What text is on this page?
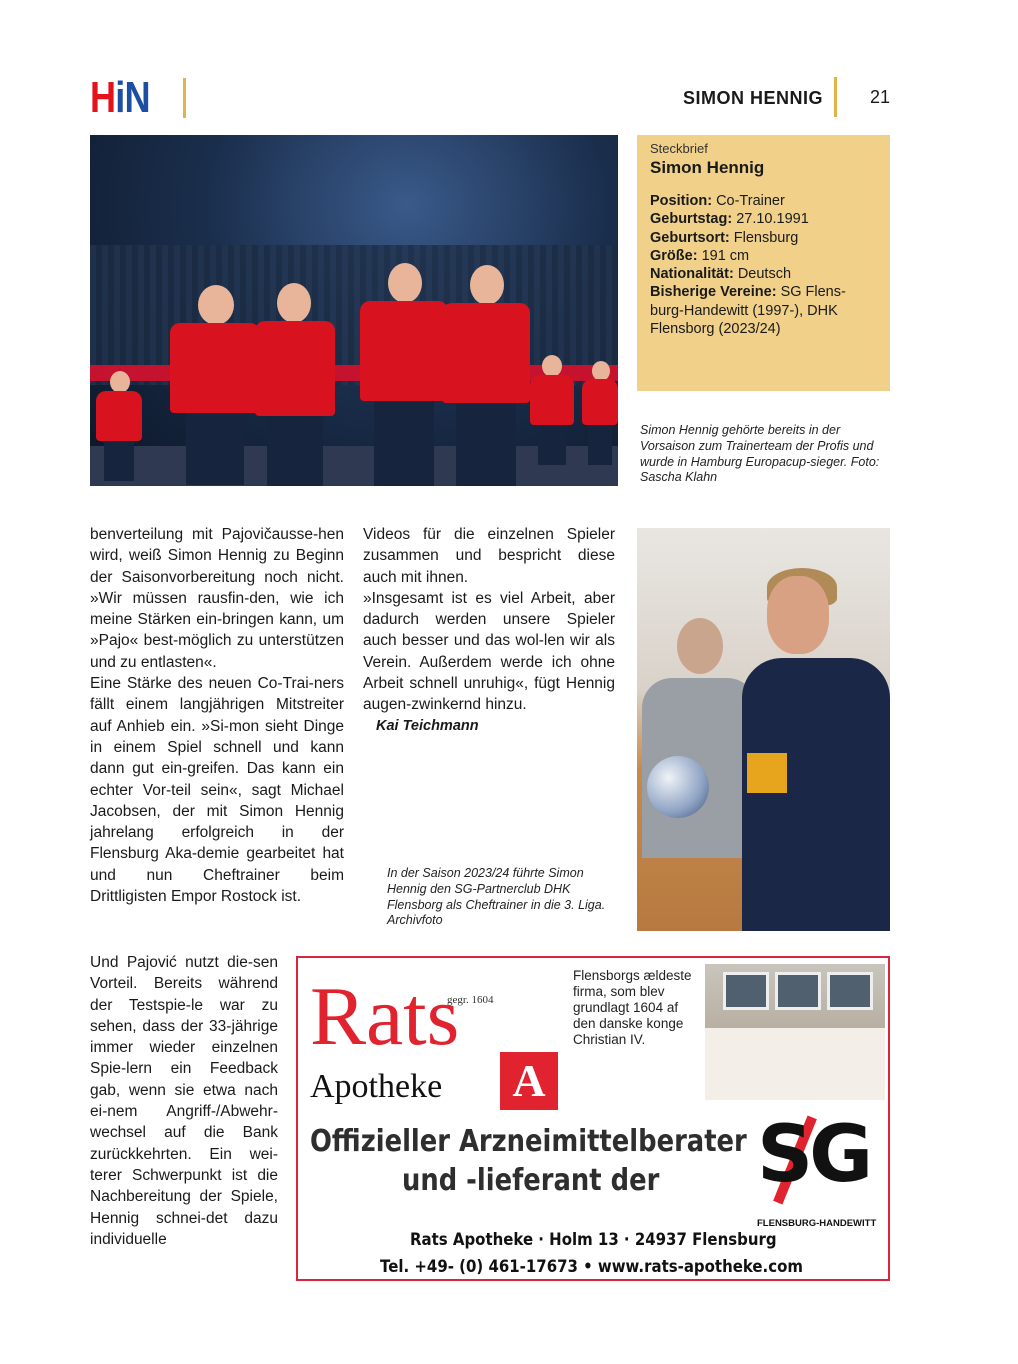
HiN	SIMON HENNIG	21
Steckbrief
Simon Hennig
Position: Co-Trainer
Geburtstag: 27.10.1991
Geburtsort: Flensburg
Größe: 191 cm
Nationalität: Deutsch
Bisherige Vereine: SG Flens-burg-Handewitt (1997-), DHK Flensborg (2023/24)
Simon Hennig gehörte bereits in der Vorsaison zum Trainerteam der Profis und wurde in Hamburg Europacup-sieger. Foto: Sascha Klahn

benverteilung mit Pajovičausse-hen wird, weiß Simon Hennig zu Beginn der Saisonvorbereitung noch nicht. »Wir müssen rausfin-den, wie ich meine Stärken ein-bringen kann, um »Pajo« best-möglich zu unterstützen und zu entlasten«.

Eine Stärke des neuen Co-Trai-ners fällt einem langjährigen Mitstreiter auf Anhieb ein. »Si-mon sieht Dinge in einem Spiel schnell und kann dann gut ein-greifen. Das kann ein echter Vor-teil sein«, sagt Michael Jacobsen, der mit Simon Hennig jahrelang erfolgreich in der Flensburg Aka-demie gearbeitet hat und nun Cheftrainer beim Drittligisten Empor Rostock ist.

Und Pajović nutzt die-sen Vorteil. Bereits während der Testspie-le war zu sehen, dass der 33-jährige immer wieder einzelnen Spie-lern ein Feedback gab, wenn sie etwa nach ei-nem Angriff-/Abwehr-wechsel auf die Bank zurückkehrten. Ein wei-terer Schwerpunkt ist die Nachbereitung der Spiele, Hennig schnei-det dazu individuelle

Videos für die einzelnen Spieler zusammen und bespricht diese auch mit ihnen.

»Insgesamt ist es viel Arbeit, aber dadurch werden unsere Spieler auch besser und das wol-len wir als Verein. Außerdem werde ich ohne Arbeit schnell unruhig«, fügt Hennig augen-zwinkernd hinzu.

Kai Teichmann

In der Saison 2023/24 führte Simon Hennig den SG-Partnerclub DHK Flensborg als Cheftrainer in die 3. Liga. Archivfoto
Rats
gegr. 1604
Apotheke A
Flensborgs ældeste firma, som blev grundlagt 1604 af den danske konge Christian IV.
Offizieller Arzneimittelberater
und -lieferant der SG
FLENSBURG-HANDEWITT
Rats Apotheke · Holm 13 · 24937 Flensburg
Tel. +49- (0) 461-17673 • www.rats-apotheke.com
